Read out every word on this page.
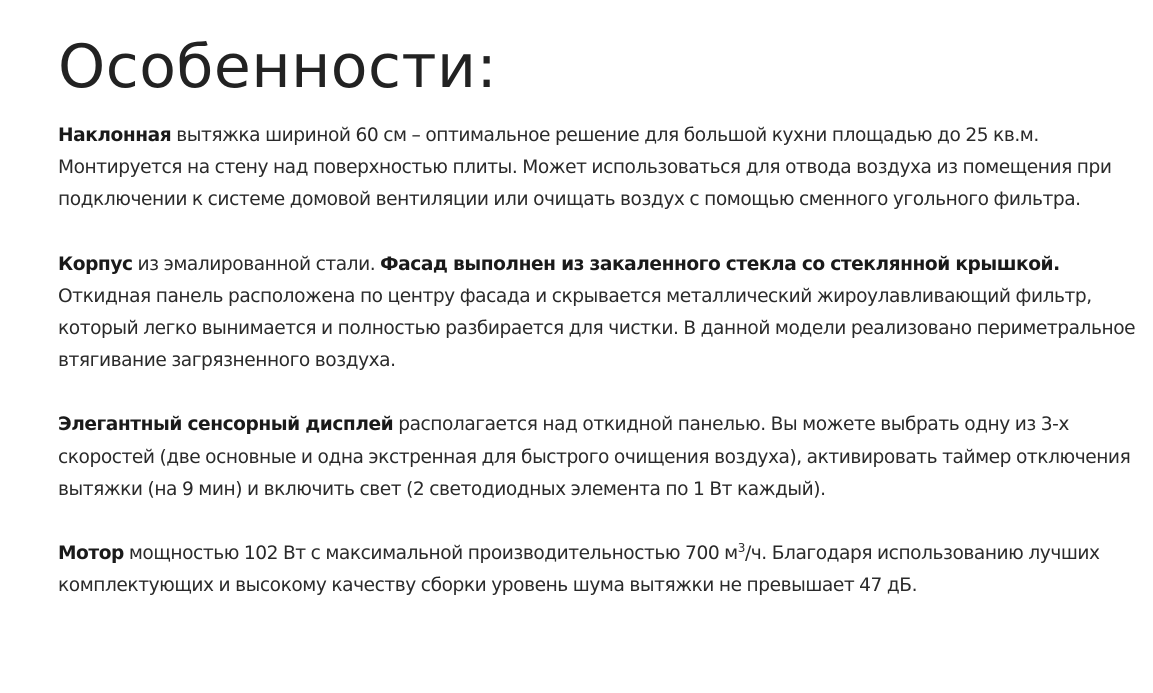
Особенности:

Наклонная вытяжка шириной 60 см – оптимальное решение для большой кухни площадью до 25 кв.м. Монтируется на стену над поверхностью плиты. Может использоваться для отвода воздуха из помещения при подключении к системе домовой вентиляции или очищать воздух с помощью сменного угольного фильтра.

Корпус из эмалированной стали. Фасад выполнен из закаленного стекла со стеклянной крышкой. Откидная панель расположена по центру фасада и скрывается металлический жироулавливающий фильтр, который легко вынимается и полностью разбирается для чистки. В данной модели реализовано периметральное втягивание загрязненного воздуха.

Элегантный сенсорный дисплей располагается над откидной панелью. Вы можете выбрать одну из 3-х скоростей (две основные и одна экстренная для быстрого очищения воздуха), активировать таймер отключения вытяжки (на 9 мин) и включить свет (2 светодиодных элемента по 1 Вт каждый).

Мотор мощностью 102 Вт с максимальной производительностью 700 $м^3/ч$. Благодаря использованию лучших комплектующих и высокому качеству сборки уровень шума вытяжки не превышает 47 дБ.
